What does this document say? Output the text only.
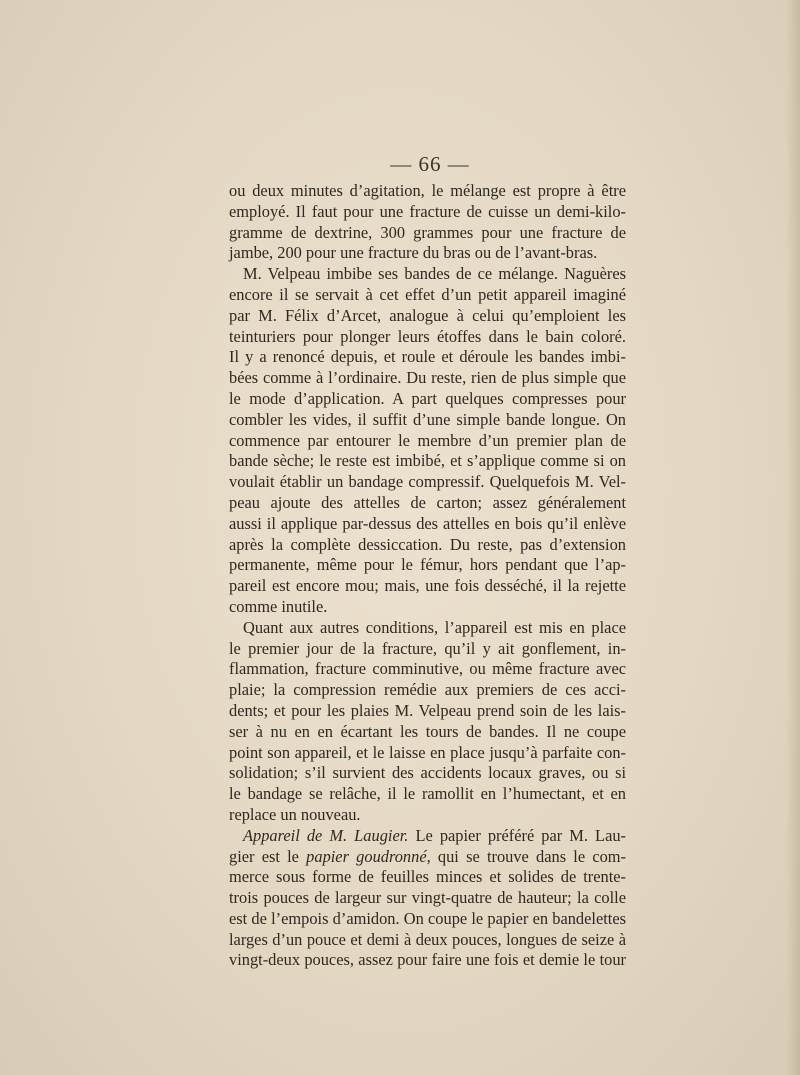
— 66 —
ou deux minutes d’agitation, le mélange est propre à être
employé. Il faut pour une fracture de cuisse un demi-kilo-
gramme de dextrine, 300 grammes pour une fracture de
jambe, 200 pour une fracture du bras ou de l’avant-bras.
M. Velpeau imbibe ses bandes de ce mélange. Naguères
encore il se servait à cet effet d’un petit appareil imaginé
par M. Félix d’Arcet, analogue à celui qu’emploient les
teinturiers pour plonger leurs étoffes dans le bain coloré.
Il y a renoncé depuis, et roule et déroule les bandes imbi-
bées comme à l’ordinaire. Du reste, rien de plus simple que
le mode d’application. A part quelques compresses pour
combler les vides, il suffit d’une simple bande longue. On
commence par entourer le membre d’un premier plan de
bande sèche; le reste est imbibé, et s’applique comme si on
voulait établir un bandage compressif. Quelquefois M. Vel-
peau ajoute des attelles de carton; assez généralement
aussi il applique par-dessus des attelles en bois qu’il enlève
après la complète dessiccation. Du reste, pas d’extension
permanente, même pour le fémur, hors pendant que l’ap-
pareil est encore mou; mais, une fois desséché, il la rejette
comme inutile.
Quant aux autres conditions, l’appareil est mis en place
le premier jour de la fracture, qu’il y ait gonflement, in-
flammation, fracture comminutive, ou même fracture avec
plaie; la compression remédie aux premiers de ces acci-
dents; et pour les plaies M. Velpeau prend soin de les lais-
ser à nu en en écartant les tours de bandes. Il ne coupe
point son appareil, et le laisse en place jusqu’à parfaite con-
solidation; s’il survient des accidents locaux graves, ou si
le bandage se relâche, il le ramollit en l’humectant, et en
replace un nouveau.
Appareil de M. Laugier. Le papier préféré par M. Lau-
gier est le papier goudronné, qui se trouve dans le com-
merce sous forme de feuilles minces et solides de trente-
trois pouces de largeur sur vingt-quatre de hauteur; la colle
est de l’empois d’amidon. On coupe le papier en bandelettes
larges d’un pouce et demi à deux pouces, longues de seize à
vingt-deux pouces, assez pour faire une fois et demie le tour
